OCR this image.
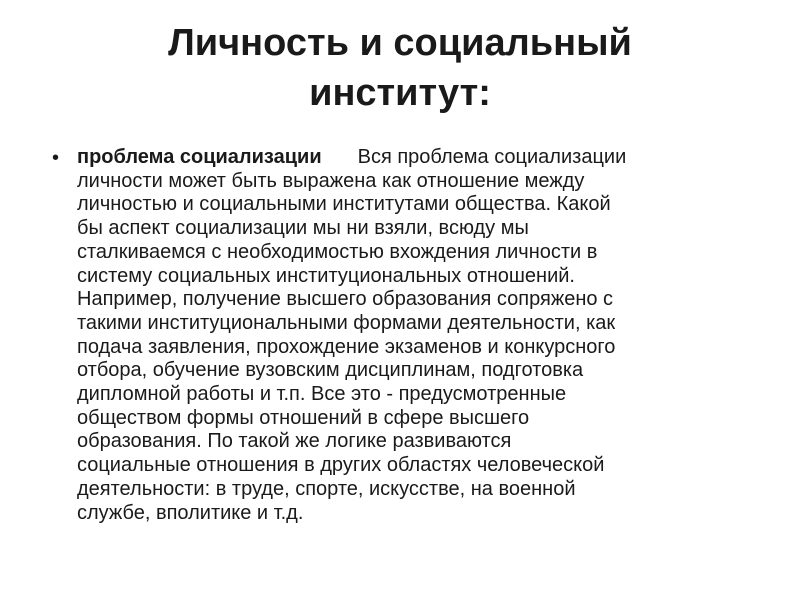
Личность и социальный
институт:
• проблема социализации Вся проблема социализации
личности может быть выражена как отношение между
личностью и социальными институтами общества. Какой
бы аспект социализации мы ни взяли, всюду мы
сталкиваемся с необходимостью вхождения личности в
систему социальных институциональных отношений.
Например, получение высшего образования сопряжено с
такими институциональными формами деятельности, как
подача заявления, прохождение экзаменов и конкурсного
отбора, обучение вузовским дисциплинам, подготовка
дипломной работы и т.п. Все это - предусмотренные
обществом формы отношений в сфере высшего
образования. По такой же логике развиваются
социальные отношения в других областях человеческой
деятельности: в труде, спорте, искусстве, на военной
службе, вполитике и т.д.
